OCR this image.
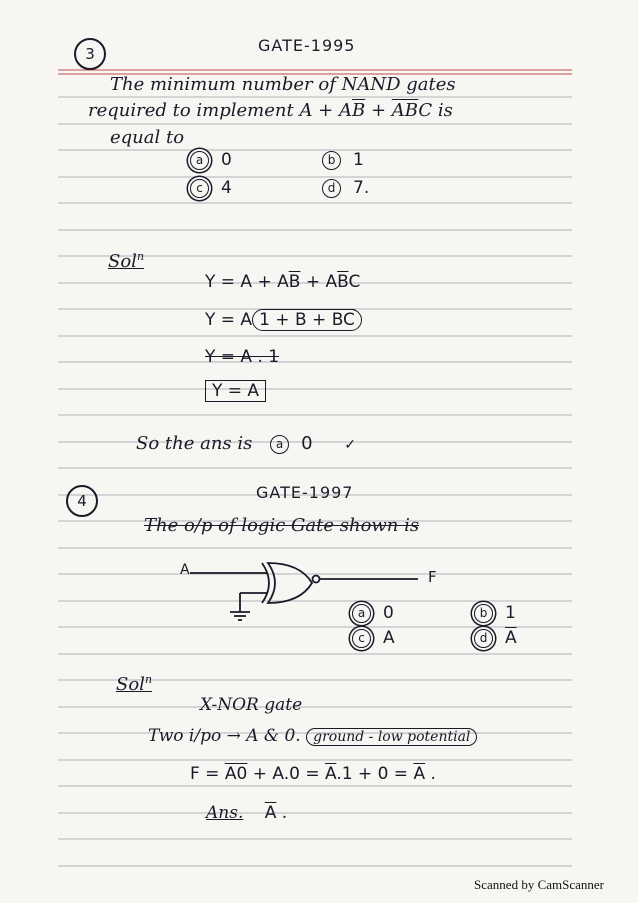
3	GATE-1995
The minimum number of NAND gates
required to implement $A + A\overline{B} + \overline{AB}C$ is
equal to
a 0	b 1
c 4	d 7.
Sol$^n$
$Y = A + A\overline{B} + A\overline{B}C$
Y = A $1 + \overline{B} + \overline{BC}$
Y = A . 1
Y = A
So the ans is a 0 ✓
4	GATE-1997
The o/p of logic Gate shown is
A	F
a 0	b 1
c A	d $\overline{A}$
Sol$^n$
X-NOR gate
Two i/po → A & 0. ground - low potential
$F = \overline{A}0 + A.0 = \overline{A}.1 + 0 = \overline{A}$ .
Ans. $\overline{A}$ .
Scanned by CamScanner
